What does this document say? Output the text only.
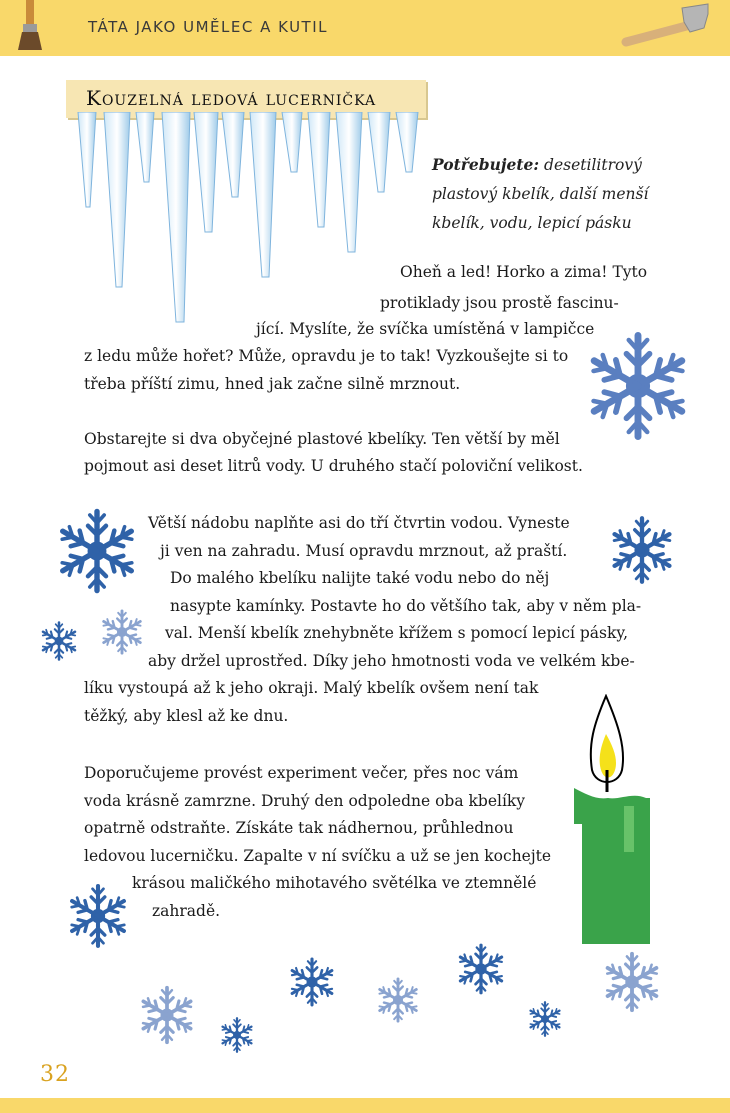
TÁTA JAKO UMĚLEC A KUTIL
Kouzelná ledová lucernička
Potřebujete: desetilitrový plastový kbelík, další menší kbelík, vodu, lepicí pásku
Oheň a led! Horko a zima! Tyto
protiklady jsou prostě fascinu-
jící. Myslíte, že svíčka umístěná v lampičce
z ledu může hořet? Může, opravdu je to tak! Vyzkoušejte si to
třeba příští zimu, hned jak začne silně mrznout.
Obstarejte si dva obyčejné plastové kbelíky. Ten větší by měl
pojmout asi deset litrů vody. U druhého stačí poloviční velikost.
Větší nádobu naplňte asi do tří čtvrtin vodou. Vyneste
ji ven na zahradu. Musí opravdu mrznout, až praští.
Do malého kbelíku nalijte také vodu nebo do něj
nasypte kamínky. Postavte ho do většího tak, aby v něm pla-
val. Menší kbelík znehybněte křížem s pomocí lepicí pásky,
aby držel uprostřed. Díky jeho hmotnosti voda ve velkém kbe-
líku vystoupá až k jeho okraji. Malý kbelík ovšem není tak
těžký, aby klesl až ke dnu.
Doporučujeme provést experiment večer, přes noc vám
voda krásně zamrzne. Druhý den odpoledne oba kbelíky
opatrně odstraňte. Získáte tak nádhernou, průhlednou
ledovou lucerničku. Zapalte v ní svíčku a už se jen kochejte
krásou maličkého mihotavého světélka ve ztemnělé
zahradě.
32
